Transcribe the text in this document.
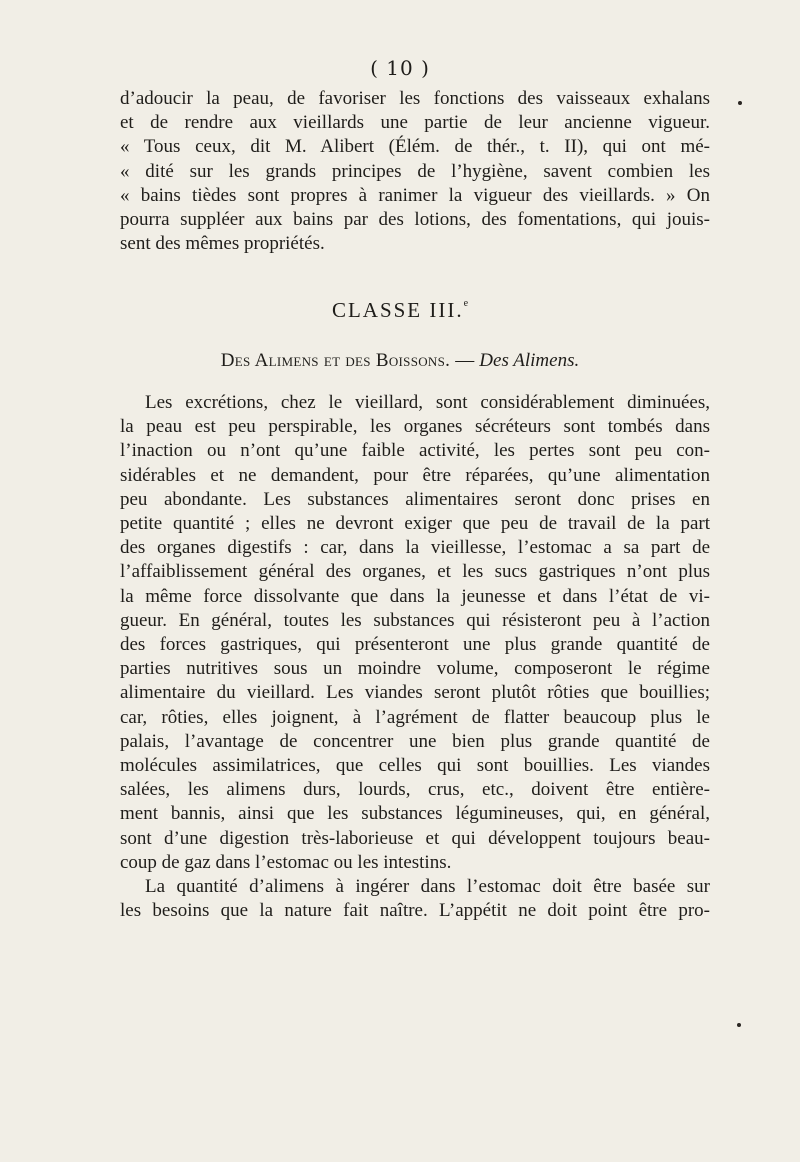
( 10 )
d’adoucir la peau, de favoriser les fonctions des vaisseaux exhalans
et de rendre aux vieillards une partie de leur ancienne vigueur.
« Tous ceux, dit M. Alibert (Élém. de thér., t. II), qui ont mé-
« dité sur les grands principes de l’hygiène, savent combien les
« bains tièdes sont propres à ranimer la vigueur des vieillards. » On
pourra suppléer aux bains par des lotions, des fomentations, qui jouis-
sent des mêmes propriétés.
CLASSE III.$^e$
Des Alimens et des Boissons. — Des Alimens.
Les excrétions, chez le vieillard, sont considérablement diminuées,
la peau est peu perspirable, les organes sécréteurs sont tombés dans
l’inaction ou n’ont qu’une faible activité, les pertes sont peu con-
sidérables et ne demandent, pour être réparées, qu’une alimentation
peu abondante. Les substances alimentaires seront donc prises en
petite quantité ; elles ne devront exiger que peu de travail de la part
des organes digestifs : car, dans la vieillesse, l’estomac a sa part de
l’affaiblissement général des organes, et les sucs gastriques n’ont plus
la même force dissolvante que dans la jeunesse et dans l’état de vi-
gueur. En général, toutes les substances qui résisteront peu à l’action
des forces gastriques, qui présenteront une plus grande quantité de
parties nutritives sous un moindre volume, composeront le régime
alimentaire du vieillard. Les viandes seront plutôt rôties que bouillies;
car, rôties, elles joignent, à l’agrément de flatter beaucoup plus le
palais, l’avantage de concentrer une bien plus grande quantité de
molécules assimilatrices, que celles qui sont bouillies. Les viandes
salées, les alimens durs, lourds, crus, etc., doivent être entière-
ment bannis, ainsi que les substances légumineuses, qui, en général,
sont d’une digestion très-laborieuse et qui développent toujours beau-
coup de gaz dans l’estomac ou les intestins.
La quantité d’alimens à ingérer dans l’estomac doit être basée sur
les besoins que la nature fait naître. L’appétit ne doit point être pro-
